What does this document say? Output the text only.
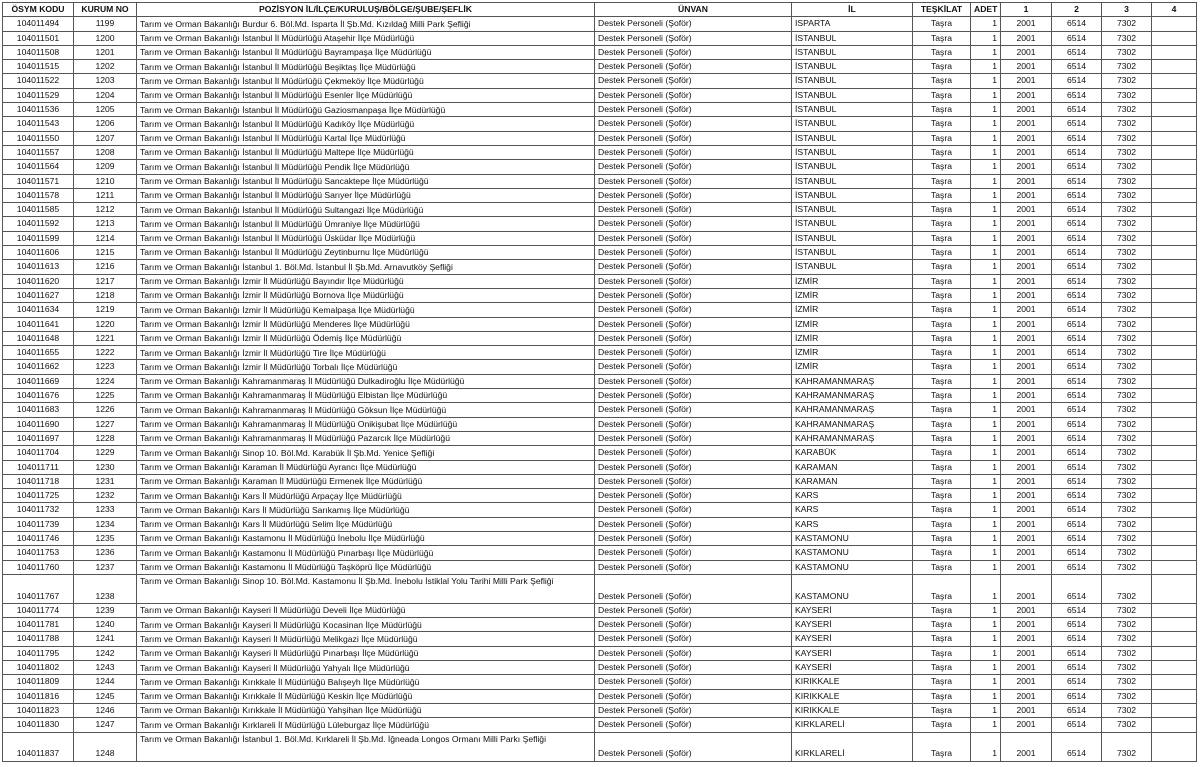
ÖSYM KODU	KURUM NO	POZİSYON İL/İLÇE/KURULUŞ/BÖLGE/ŞUBE/ŞEFLİK	ÜNVAN	İL	TEŞKİLAT	ADET	1	2	3	4
104011494	1199	Tarım ve Orman Bakanlığı Burdur 6. Böl.Md. Isparta İl Şb.Md. Kızıldağ Milli Park Şefliği	Destek Personeli (Şoför)	ISPARTA	Taşra	1	2001	6514	7302	
104011501	1200	Tarım ve Orman Bakanlığı İstanbul İl Müdürlüğü Ataşehir İlçe Müdürlüğü	Destek Personeli (Şoför)	İSTANBUL	Taşra	1	2001	6514	7302	
104011508	1201	Tarım ve Orman Bakanlığı İstanbul İl Müdürlüğü Bayrampaşa İlçe Müdürlüğü	Destek Personeli (Şoför)	İSTANBUL	Taşra	1	2001	6514	7302	
104011515	1202	Tarım ve Orman Bakanlığı İstanbul İl Müdürlüğü Beşiktaş İlçe Müdürlüğü	Destek Personeli (Şoför)	İSTANBUL	Taşra	1	2001	6514	7302	
104011522	1203	Tarım ve Orman Bakanlığı İstanbul İl Müdürlüğü Çekmeköy İlçe Müdürlüğü	Destek Personeli (Şoför)	İSTANBUL	Taşra	1	2001	6514	7302	
104011529	1204	Tarım ve Orman Bakanlığı İstanbul İl Müdürlüğü Esenler İlçe Müdürlüğü	Destek Personeli (Şoför)	İSTANBUL	Taşra	1	2001	6514	7302	
104011536	1205	Tarım ve Orman Bakanlığı İstanbul İl Müdürlüğü Gaziosmanpaşa İlçe Müdürlüğü	Destek Personeli (Şoför)	İSTANBUL	Taşra	1	2001	6514	7302	
104011543	1206	Tarım ve Orman Bakanlığı İstanbul İl Müdürlüğü Kadıköy İlçe Müdürlüğü	Destek Personeli (Şoför)	İSTANBUL	Taşra	1	2001	6514	7302	
104011550	1207	Tarım ve Orman Bakanlığı İstanbul İl Müdürlüğü Kartal İlçe Müdürlüğü	Destek Personeli (Şoför)	İSTANBUL	Taşra	1	2001	6514	7302	
104011557	1208	Tarım ve Orman Bakanlığı İstanbul İl Müdürlüğü Maltepe İlçe Müdürlüğü	Destek Personeli (Şoför)	İSTANBUL	Taşra	1	2001	6514	7302	
104011564	1209	Tarım ve Orman Bakanlığı İstanbul İl Müdürlüğü Pendik İlçe Müdürlüğü	Destek Personeli (Şoför)	İSTANBUL	Taşra	1	2001	6514	7302	
104011571	1210	Tarım ve Orman Bakanlığı İstanbul İl Müdürlüğü Sancaktepe İlçe Müdürlüğü	Destek Personeli (Şoför)	İSTANBUL	Taşra	1	2001	6514	7302	
104011578	1211	Tarım ve Orman Bakanlığı İstanbul İl Müdürlüğü Sarıyer İlçe Müdürlüğü	Destek Personeli (Şoför)	İSTANBUL	Taşra	1	2001	6514	7302	
104011585	1212	Tarım ve Orman Bakanlığı İstanbul İl Müdürlüğü Sultangazi İlçe Müdürlüğü	Destek Personeli (Şoför)	İSTANBUL	Taşra	1	2001	6514	7302	
104011592	1213	Tarım ve Orman Bakanlığı İstanbul İl Müdürlüğü Ümraniye İlçe Müdürlüğü	Destek Personeli (Şoför)	İSTANBUL	Taşra	1	2001	6514	7302	
104011599	1214	Tarım ve Orman Bakanlığı İstanbul İl Müdürlüğü Üsküdar İlçe Müdürlüğü	Destek Personeli (Şoför)	İSTANBUL	Taşra	1	2001	6514	7302	
104011606	1215	Tarım ve Orman Bakanlığı İstanbul İl Müdürlüğü Zeytinburnu İlçe Müdürlüğü	Destek Personeli (Şoför)	İSTANBUL	Taşra	1	2001	6514	7302	
104011613	1216	Tarım ve Orman Bakanlığı İstanbul 1. Böl.Md. İstanbul İl Şb.Md. Arnavutköy Şefliği	Destek Personeli (Şoför)	İSTANBUL	Taşra	1	2001	6514	7302	
104011620	1217	Tarım ve Orman Bakanlığı İzmir İl Müdürlüğü Bayındır İlçe Müdürlüğü	Destek Personeli (Şoför)	İZMİR	Taşra	1	2001	6514	7302	
104011627	1218	Tarım ve Orman Bakanlığı İzmir İl Müdürlüğü Bornova İlçe Müdürlüğü	Destek Personeli (Şoför)	İZMİR	Taşra	1	2001	6514	7302	
104011634	1219	Tarım ve Orman Bakanlığı İzmir İl Müdürlüğü Kemalpaşa İlçe Müdürlüğü	Destek Personeli (Şoför)	İZMİR	Taşra	1	2001	6514	7302	
104011641	1220	Tarım ve Orman Bakanlığı İzmir İl Müdürlüğü Menderes İlçe Müdürlüğü	Destek Personeli (Şoför)	İZMİR	Taşra	1	2001	6514	7302	
104011648	1221	Tarım ve Orman Bakanlığı İzmir İl Müdürlüğü Ödemiş İlçe Müdürlüğü	Destek Personeli (Şoför)	İZMİR	Taşra	1	2001	6514	7302	
104011655	1222	Tarım ve Orman Bakanlığı İzmir İl Müdürlüğü Tire İlçe Müdürlüğü	Destek Personeli (Şoför)	İZMİR	Taşra	1	2001	6514	7302	
104011662	1223	Tarım ve Orman Bakanlığı İzmir İl Müdürlüğü Torbalı İlçe Müdürlüğü	Destek Personeli (Şoför)	İZMİR	Taşra	1	2001	6514	7302	
104011669	1224	Tarım ve Orman Bakanlığı Kahramanmaraş İl Müdürlüğü Dulkadiroğlu İlçe Müdürlüğü	Destek Personeli (Şoför)	KAHRAMANMARAŞ	Taşra	1	2001	6514	7302	
104011676	1225	Tarım ve Orman Bakanlığı Kahramanmaraş İl Müdürlüğü Elbistan İlçe Müdürlüğü	Destek Personeli (Şoför)	KAHRAMANMARAŞ	Taşra	1	2001	6514	7302	
104011683	1226	Tarım ve Orman Bakanlığı Kahramanmaraş İl Müdürlüğü Göksun İlçe Müdürlüğü	Destek Personeli (Şoför)	KAHRAMANMARAŞ	Taşra	1	2001	6514	7302	
104011690	1227	Tarım ve Orman Bakanlığı Kahramanmaraş İl Müdürlüğü Onikişubat İlçe Müdürlüğü	Destek Personeli (Şoför)	KAHRAMANMARAŞ	Taşra	1	2001	6514	7302	
104011697	1228	Tarım ve Orman Bakanlığı Kahramanmaraş İl Müdürlüğü Pazarcık İlçe Müdürlüğü	Destek Personeli (Şoför)	KAHRAMANMARAŞ	Taşra	1	2001	6514	7302	
104011704	1229	Tarım ve Orman Bakanlığı Sinop 10. Böl.Md. Karabük İl Şb.Md. Yenice Şefliği	Destek Personeli (Şoför)	KARABÜK	Taşra	1	2001	6514	7302	
104011711	1230	Tarım ve Orman Bakanlığı Karaman İl Müdürlüğü Ayrancı İlçe Müdürlüğü	Destek Personeli (Şoför)	KARAMAN	Taşra	1	2001	6514	7302	
104011718	1231	Tarım ve Orman Bakanlığı Karaman İl Müdürlüğü Ermenek İlçe Müdürlüğü	Destek Personeli (Şoför)	KARAMAN	Taşra	1	2001	6514	7302	
104011725	1232	Tarım ve Orman Bakanlığı Kars İl Müdürlüğü Arpaçay İlçe Müdürlüğü	Destek Personeli (Şoför)	KARS	Taşra	1	2001	6514	7302	
104011732	1233	Tarım ve Orman Bakanlığı Kars İl Müdürlüğü Sarıkamış İlçe Müdürlüğü	Destek Personeli (Şoför)	KARS	Taşra	1	2001	6514	7302	
104011739	1234	Tarım ve Orman Bakanlığı Kars İl Müdürlüğü Selim İlçe Müdürlüğü	Destek Personeli (Şoför)	KARS	Taşra	1	2001	6514	7302	
104011746	1235	Tarım ve Orman Bakanlığı Kastamonu İl Müdürlüğü İnebolu İlçe Müdürlüğü	Destek Personeli (Şoför)	KASTAMONU	Taşra	1	2001	6514	7302	
104011753	1236	Tarım ve Orman Bakanlığı Kastamonu İl Müdürlüğü Pınarbaşı İlçe Müdürlüğü	Destek Personeli (Şoför)	KASTAMONU	Taşra	1	2001	6514	7302	
104011760	1237	Tarım ve Orman Bakanlığı Kastamonu İl Müdürlüğü Taşköprü İlçe Müdürlüğü	Destek Personeli (Şoför)	KASTAMONU	Taşra	1	2001	6514	7302	
104011767	1238	Tarım ve Orman Bakanlığı Sinop 10. Böl.Md. Kastamonu İl Şb.Md. İnebolu İstiklal Yolu Tarihi Milli Park Şefliği	Destek Personeli (Şoför)	KASTAMONU	Taşra	1	2001	6514	7302	
104011774	1239	Tarım ve Orman Bakanlığı Kayseri İl Müdürlüğü Develi İlçe Müdürlüğü	Destek Personeli (Şoför)	KAYSERİ	Taşra	1	2001	6514	7302	
104011781	1240	Tarım ve Orman Bakanlığı Kayseri İl Müdürlüğü Kocasinan İlçe Müdürlüğü	Destek Personeli (Şoför)	KAYSERİ	Taşra	1	2001	6514	7302	
104011788	1241	Tarım ve Orman Bakanlığı Kayseri İl Müdürlüğü Melikgazi İlçe Müdürlüğü	Destek Personeli (Şoför)	KAYSERİ	Taşra	1	2001	6514	7302	
104011795	1242	Tarım ve Orman Bakanlığı Kayseri İl Müdürlüğü Pınarbaşı İlçe Müdürlüğü	Destek Personeli (Şoför)	KAYSERİ	Taşra	1	2001	6514	7302	
104011802	1243	Tarım ve Orman Bakanlığı Kayseri İl Müdürlüğü Yahyalı İlçe Müdürlüğü	Destek Personeli (Şoför)	KAYSERİ	Taşra	1	2001	6514	7302	
104011809	1244	Tarım ve Orman Bakanlığı Kırıkkale İl Müdürlüğü Balışeyh İlçe Müdürlüğü	Destek Personeli (Şoför)	KIRIKKALE	Taşra	1	2001	6514	7302	
104011816	1245	Tarım ve Orman Bakanlığı Kırıkkale İl Müdürlüğü Keskin İlçe Müdürlüğü	Destek Personeli (Şoför)	KIRIKKALE	Taşra	1	2001	6514	7302	
104011823	1246	Tarım ve Orman Bakanlığı Kırıkkale İl Müdürlüğü Yahşihan İlçe Müdürlüğü	Destek Personeli (Şoför)	KIRIKKALE	Taşra	1	2001	6514	7302	
104011830	1247	Tarım ve Orman Bakanlığı Kırklareli İl Müdürlüğü Lüleburgaz İlçe Müdürlüğü	Destek Personeli (Şoför)	KIRKLARELİ	Taşra	1	2001	6514	7302	
104011837	1248	Tarım ve Orman Bakanlığı İstanbul 1. Böl.Md. Kırklareli İl Şb.Md. İğneada Longos Ormanı Milli Parkı Şefliği	Destek Personeli (Şoför)	KIRKLARELİ	Taşra	1	2001	6514	7302	
